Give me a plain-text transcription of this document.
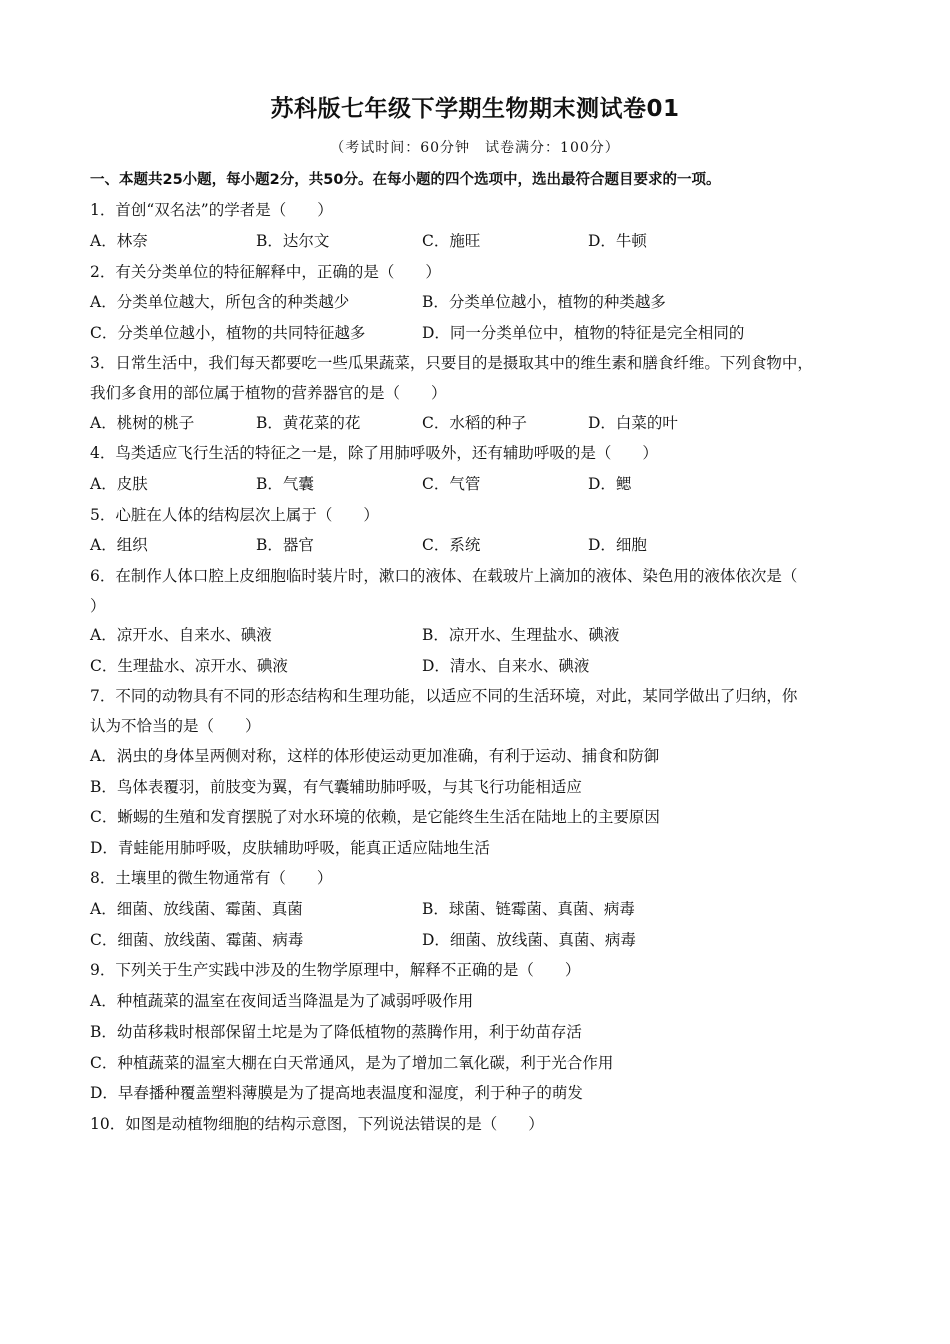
苏科版七年级下学期生物期末测试卷01
（考试时间：60分钟　试卷满分：100分）
一、本题共25小题，每小题2分，共50分。在每小题的四个选项中，选出最符合题目要求的一项。
1．首创“双名法”的学者是（　　）
A．林奈	B．达尔文	C．施旺	D．牛顿
2．有关分类单位的特征解释中，正确的是（　　）
A．分类单位越大，所包含的种类越少	B．分类单位越小，植物的种类越多
C．分类单位越小，植物的共同特征越多	D．同一分类单位中，植物的特征是完全相同的
3．日常生活中，我们每天都要吃一些瓜果蔬菜，只要目的是摄取其中的维生素和膳食纤维。下列食物中，
我们多食用的部位属于植物的营养器官的是（　　）
A．桃树的桃子	B．黄花菜的花	C．水稻的种子	D．白菜的叶
4．鸟类适应飞行生活的特征之一是，除了用肺呼吸外，还有辅助呼吸的是（　　）
A．皮肤	B．气囊	C．气管	D．鳃
5．心脏在人体的结构层次上属于（　　）
A．组织	B．器官	C．系统	D．细胞
6．在制作人体口腔上皮细胞临时装片时，漱口的液体、在载玻片上滴加的液体、染色用的液体依次是（
）
A．凉开水、自来水、碘液	B．凉开水、生理盐水、碘液
C．生理盐水、凉开水、碘液	D．清水、自来水、碘液
7．不同的动物具有不同的形态结构和生理功能，以适应不同的生活环境，对此，某同学做出了归纳，你
认为不恰当的是（　　）
A．涡虫的身体呈两侧对称，这样的体形使运动更加准确，有利于运动、捕食和防御
B．鸟体表覆羽，前肢变为翼，有气囊辅助肺呼吸，与其飞行功能相适应
C．蜥蜴的生殖和发育摆脱了对水环境的依赖，是它能终生生活在陆地上的主要原因
D．青蛙能用肺呼吸，皮肤辅助呼吸，能真正适应陆地生活
8．土壤里的微生物通常有（　　）
A．细菌、放线菌、霉菌、真菌	B．球菌、链霉菌、真菌、病毒
C．细菌、放线菌、霉菌、病毒	D．细菌、放线菌、真菌、病毒
9．下列关于生产实践中涉及的生物学原理中，解释不正确的是（　　）
A．种植蔬菜的温室在夜间适当降温是为了减弱呼吸作用
B．幼苗移栽时根部保留土坨是为了降低植物的蒸腾作用，利于幼苗存活
C．种植蔬菜的温室大棚在白天常通风，是为了增加二氧化碳，利于光合作用
D．早春播种覆盖塑料薄膜是为了提高地表温度和湿度，利于种子的萌发
10．如图是动植物细胞的结构示意图，下列说法错误的是（　　）
